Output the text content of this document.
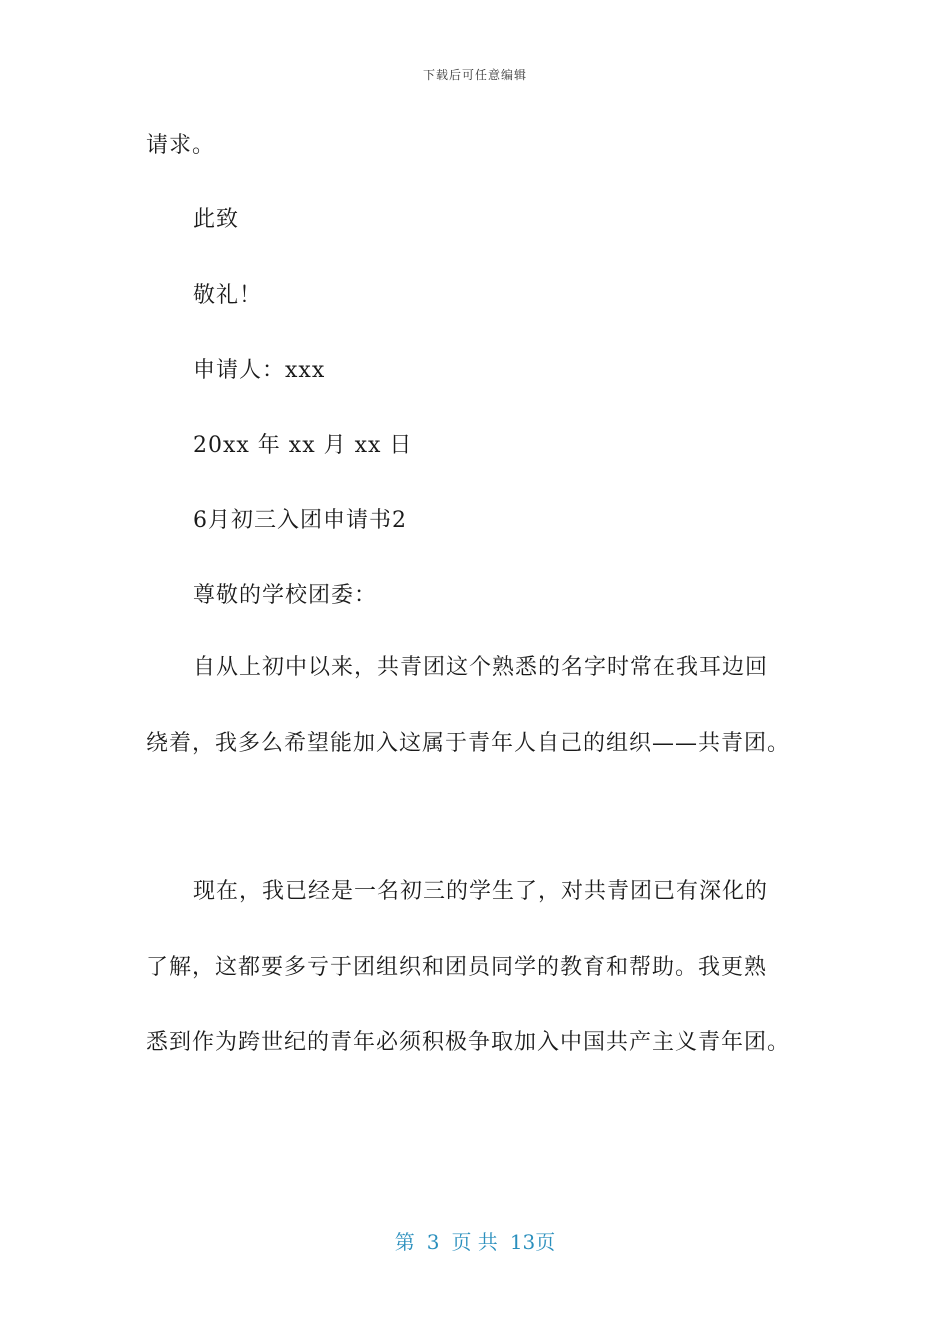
下载后可任意编辑
请求。
此致
敬礼！
申请人：xxx
20xx 年 xx 月 xx 日
6月初三入团申请书2
尊敬的学校团委：
自从上初中以来，共青团这个熟悉的名字时常在我耳边回
绕着，我多么希望能加入这属于青年人自己的组织——共青团。
现在，我已经是一名初三的学生了，对共青团已有深化的
了解，这都要多亏于团组织和团员同学的教育和帮助。我更熟
悉到作为跨世纪的青年必须积极争取加入中国共产主义青年团。
第 3 页 共 13页
